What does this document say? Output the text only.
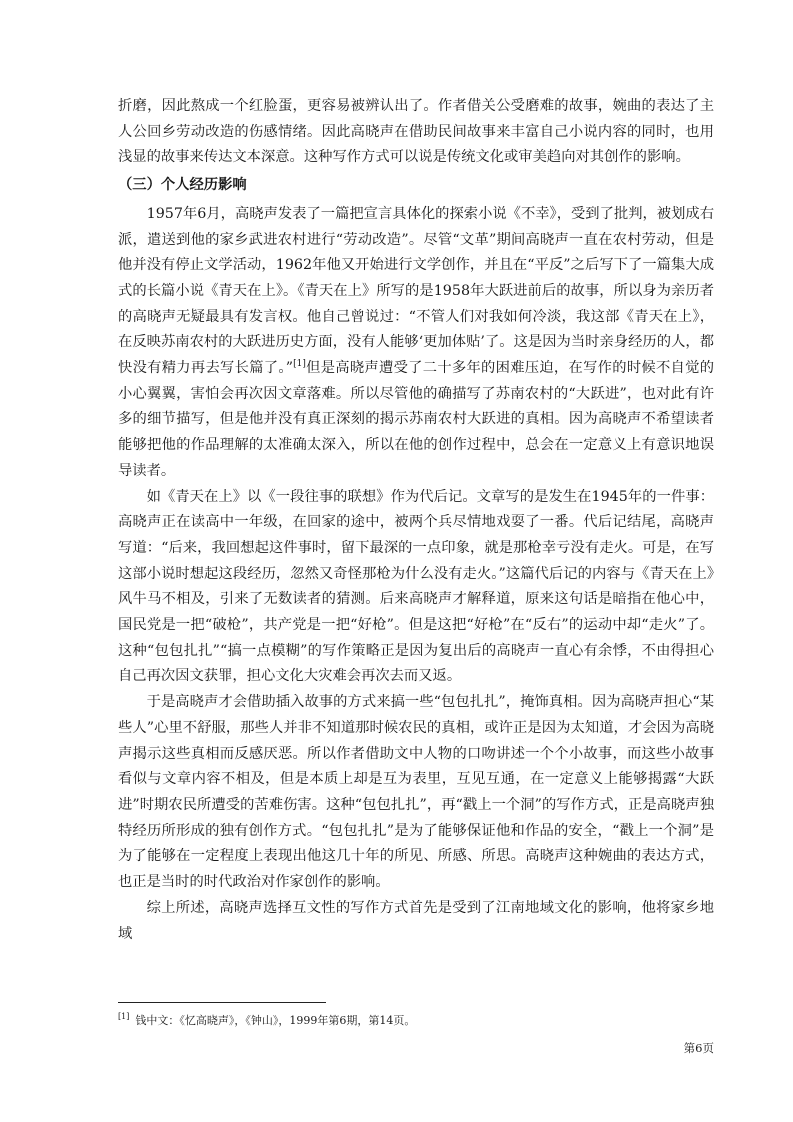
折磨，因此熬成一个红脸蛋，更容易被辨认出了。作者借关公受磨难的故事，婉曲的表达了主人公回乡劳动改造的伤感情绪。因此高晓声在借助民间故事来丰富自己小说内容的同时，也用浅显的故事来传达文本深意。这种写作方式可以说是传统文化或审美趋向对其创作的影响。

（三）个人经历影响

1957年6月，高晓声发表了一篇把宣言具体化的探索小说《不幸》，受到了批判，被划成右派，遣送到他的家乡武进农村进行“劳动改造”。尽管“文革”期间高晓声一直在农村劳动，但是他并没有停止文学活动，1962年他又开始进行文学创作，并且在“平反”之后写下了一篇集大成式的长篇小说《青天在上》。《青天在上》所写的是1958年大跃进前后的故事，所以身为亲历者的高晓声无疑最具有发言权。他自己曾说过：“不管人们对我如何冷淡，我这部《青天在上》，在反映苏南农村的大跃进历史方面，没有人能够‘更加体贴’了。这是因为当时亲身经历的人，都快没有精力再去写长篇了。”[1]但是高晓声遭受了二十多年的困难压迫，在写作的时候不自觉的小心翼翼，害怕会再次因文章落难。所以尽管他的确描写了苏南农村的“大跃进”，也对此有许多的细节描写，但是他并没有真正深刻的揭示苏南农村大跃进的真相。因为高晓声不希望读者能够把他的作品理解的太准确太深入，所以在他的创作过程中，总会在一定意义上有意识地误导读者。

如《青天在上》以《一段往事的联想》作为代后记。文章写的是发生在1945年的一件事：高晓声正在读高中一年级，在回家的途中，被两个兵尽情地戏耍了一番。代后记结尾，高晓声写道：“后来，我回想起这件事时，留下最深的一点印象，就是那枪幸亏没有走火。可是，在写这部小说时想起这段经历，忽然又奇怪那枪为什么没有走火。”这篇代后记的内容与《青天在上》风牛马不相及，引来了无数读者的猜测。后来高晓声才解释道，原来这句话是暗指在他心中，国民党是一把“破枪”，共产党是一把“好枪”。但是这把“好枪”在“反右”的运动中却“走火”了。这种“包包扎扎”“搞一点模糊”的写作策略正是因为复出后的高晓声一直心有余悸，不由得担心自己再次因文获罪，担心文化大灾难会再次去而又返。

于是高晓声才会借助插入故事的方式来搞一些“包包扎扎”，掩饰真相。因为高晓声担心“某些人”心里不舒服，那些人并非不知道那时候农民的真相，或许正是因为太知道，才会因为高晓声揭示这些真相而反感厌恶。所以作者借助文中人物的口吻讲述一个个小故事，而这些小故事看似与文章内容不相及，但是本质上却是互为表里，互见互通，在一定意义上能够揭露“大跃进”时期农民所遭受的苦难伤害。这种“包包扎扎”，再“戳上一个洞”的写作方式，正是高晓声独特经历所形成的独有创作方式。“包包扎扎”是为了能够保证他和作品的安全，“戳上一个洞”是为了能够在一定程度上表现出他这几十年的所见、所感、所思。高晓声这种婉曲的表达方式，也正是当时的时代政治对作家创作的影响。

综上所述，高晓声选择互文性的写作方式首先是受到了江南地域文化的影响，他将家乡地域

[1] 钱中文：《忆高晓声》，《钟山》，1999年第6期，第14页。
第6页
